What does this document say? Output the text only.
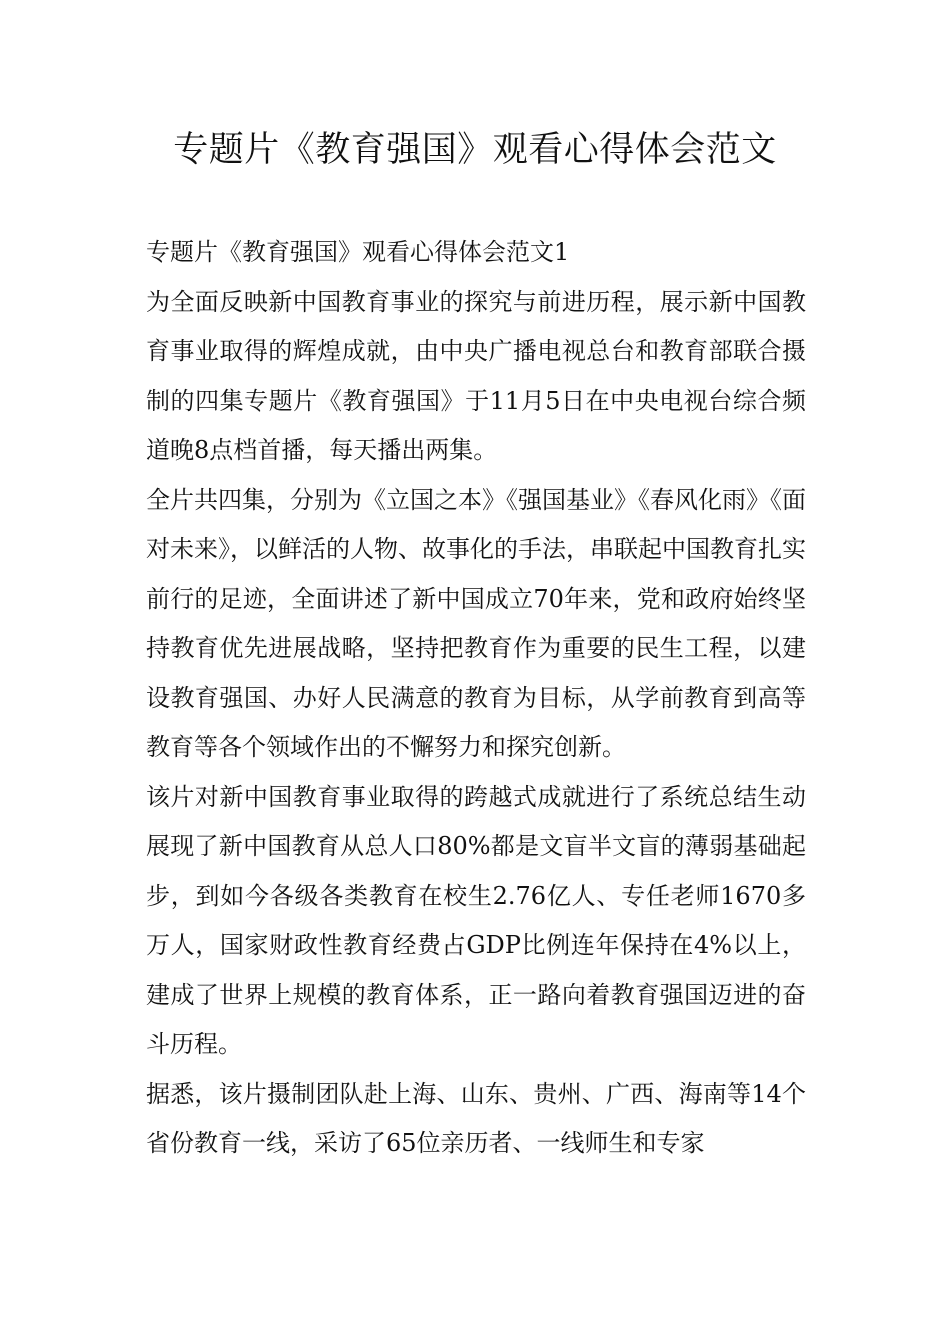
专题片《教育强国》观看心得体会范文

专题片《教育强国》观看心得体会范文1

为全面反映新中国教育事业的探究与前进历程，展示新中国教育事业取得的辉煌成就，由中央广播电视总台和教育部联合摄制的四集专题片《教育强国》于11月5日在中央电视台综合频道晚8点档首播，每天播出两集。

全片共四集，分别为《立国之本》《强国基业》《春风化雨》《面对未来》，以鲜活的人物、故事化的手法，串联起中国教育扎实前行的足迹，全面讲述了新中国成立70年来，党和政府始终坚持教育优先进展战略，坚持把教育作为重要的民生工程，以建设教育强国、办好人民满意的教育为目标，从学前教育到高等教育等各个领域作出的不懈努力和探究创新。

该片对新中国教育事业取得的跨越式成就进行了系统总结生动展现了新中国教育从总人口80%都是文盲半文盲的薄弱基础起步，到如今各级各类教育在校生2.76亿人、专任老师1670多万人，国家财政性教育经费占GDP比例连年保持在4%以上，建成了世界上规模的教育体系，正一路向着教育强国迈进的奋斗历程。

据悉，该片摄制团队赴上海、山东、贵州、广西、海南等14个省份教育一线，采访了65位亲历者、一线师生和专家
